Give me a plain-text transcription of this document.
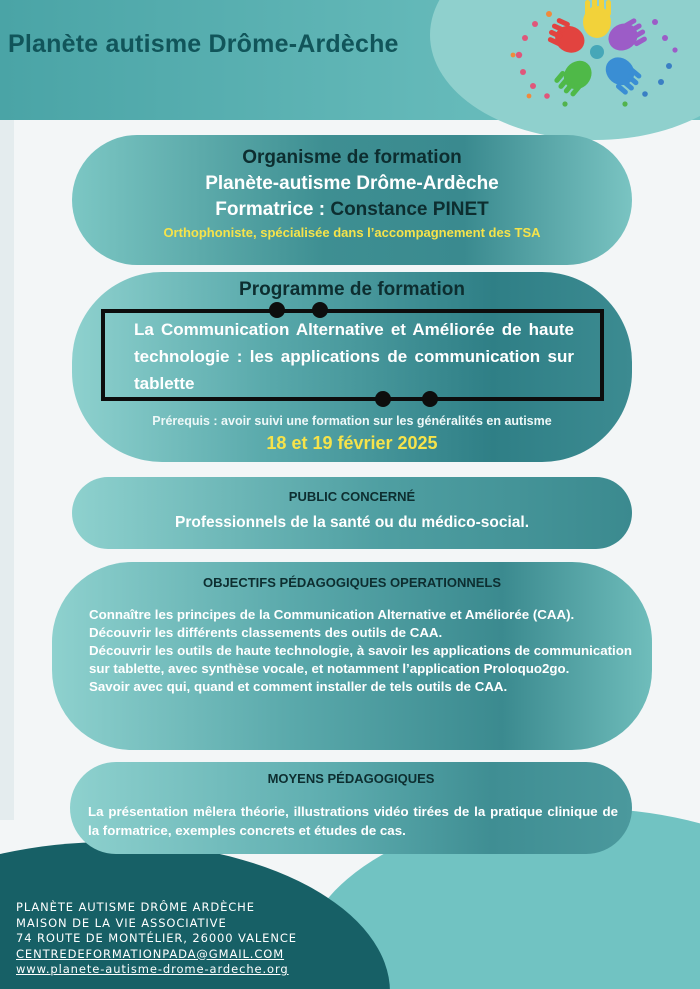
Planète autisme Drôme-Ardèche
Organisme de formation
Planète-autisme Drôme-Ardèche
Formatrice : Constance PINET
Orthophoniste, spécialisée dans l’accompagnement des TSA
Programme de formation
La Communication Alternative et Améliorée de haute technologie : les applications de communication sur tablette
Prérequis : avoir suivi une formation sur les généralités en autisme
18 et 19 février 2025
PUBLIC CONCERNÉ
Professionnels de la santé ou du médico-social.
OBJECTIFS PÉDAGOGIQUES OPERATIONNELS
Connaître les principes de la Communication Alternative et Améliorée (CAA).
Découvrir les différents classements des outils de CAA.
Découvrir les outils de haute technologie, à savoir les applications de communication sur tablette, avec synthèse vocale, et notamment l’application Proloquo2go.
Savoir avec qui, quand et comment installer de tels outils de CAA.
MOYENS PÉDAGOGIQUES
La présentation mêlera théorie, illustrations vidéo tirées de la pratique clinique de la formatrice, exemples concrets et études de cas.
PLANÈTE AUTISME DRÔME ARDÈCHE
MAISON DE LA VIE ASSOCIATIVE
74 ROUTE DE MONTÉLIER, 26000 VALENCE
CENTREDEFORMATIONPADA@GMAIL.COM
www.planete-autisme-drome-ardeche.org
